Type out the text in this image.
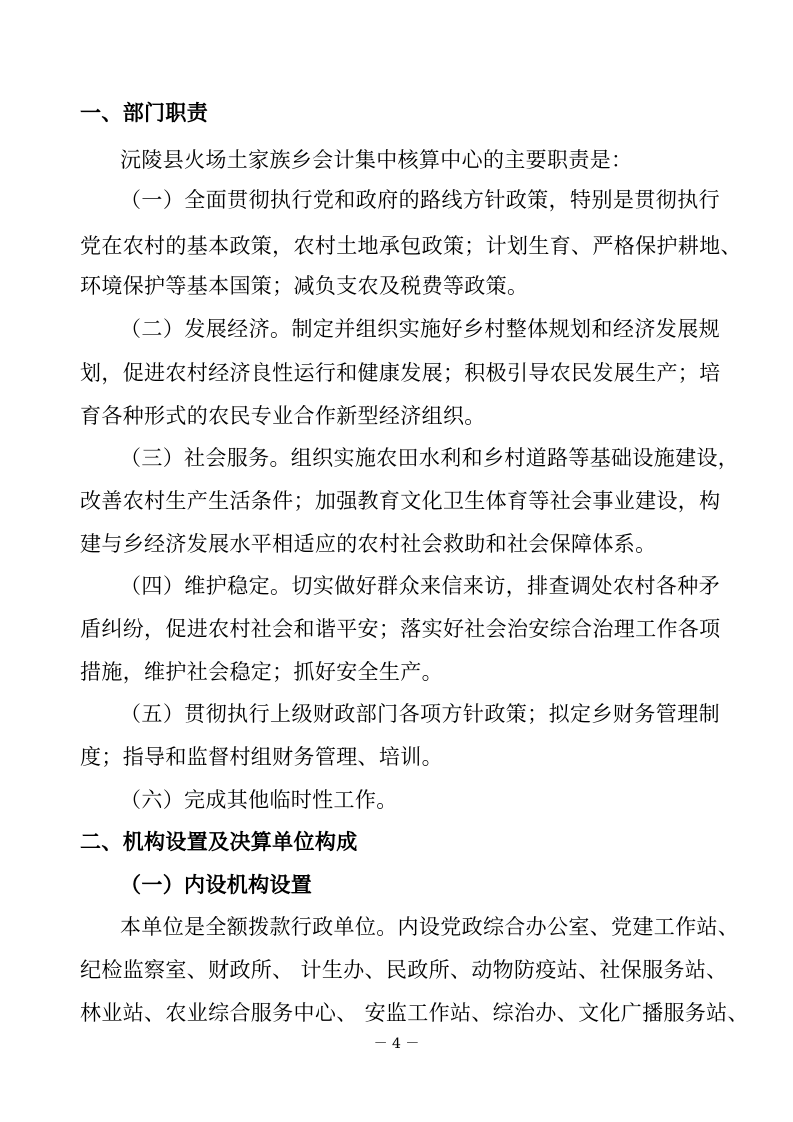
一、部门职责
沅陵县火场土家族乡会计集中核算中心的主要职责是：
（一）全面贯彻执行党和政府的路线方针政策，特别是贯彻执行
党在农村的基本政策，农村土地承包政策；计划生育、严格保护耕地、
环境保护等基本国策；减负支农及税费等政策。
（二）发展经济。制定并组织实施好乡村整体规划和经济发展规
划，促进农村经济良性运行和健康发展；积极引导农民发展生产；培
育各种形式的农民专业合作新型经济组织。
（三）社会服务。组织实施农田水利和乡村道路等基础设施建设，
改善农村生产生活条件；加强教育文化卫生体育等社会事业建设，构
建与乡经济发展水平相适应的农村社会救助和社会保障体系。
（四）维护稳定。切实做好群众来信来访，排查调处农村各种矛
盾纠纷，促进农村社会和谐平安；落实好社会治安综合治理工作各项
措施，维护社会稳定；抓好安全生产。
（五）贯彻执行上级财政部门各项方针政策；拟定乡财务管理制
度；指导和监督村组财务管理、培训。
（六）完成其他临时性工作。
二、机构设置及决算单位构成
（一）内设机构设置
本单位是全额拨款行政单位。内设党政综合办公室、党建工作站、
纪检监察室、财政所、 计生办、民政所、动物防疫站、社保服务站、
林业站、农业综合服务中心、 安监工作站、综治办、文化广播服务站、
－ 4 －
